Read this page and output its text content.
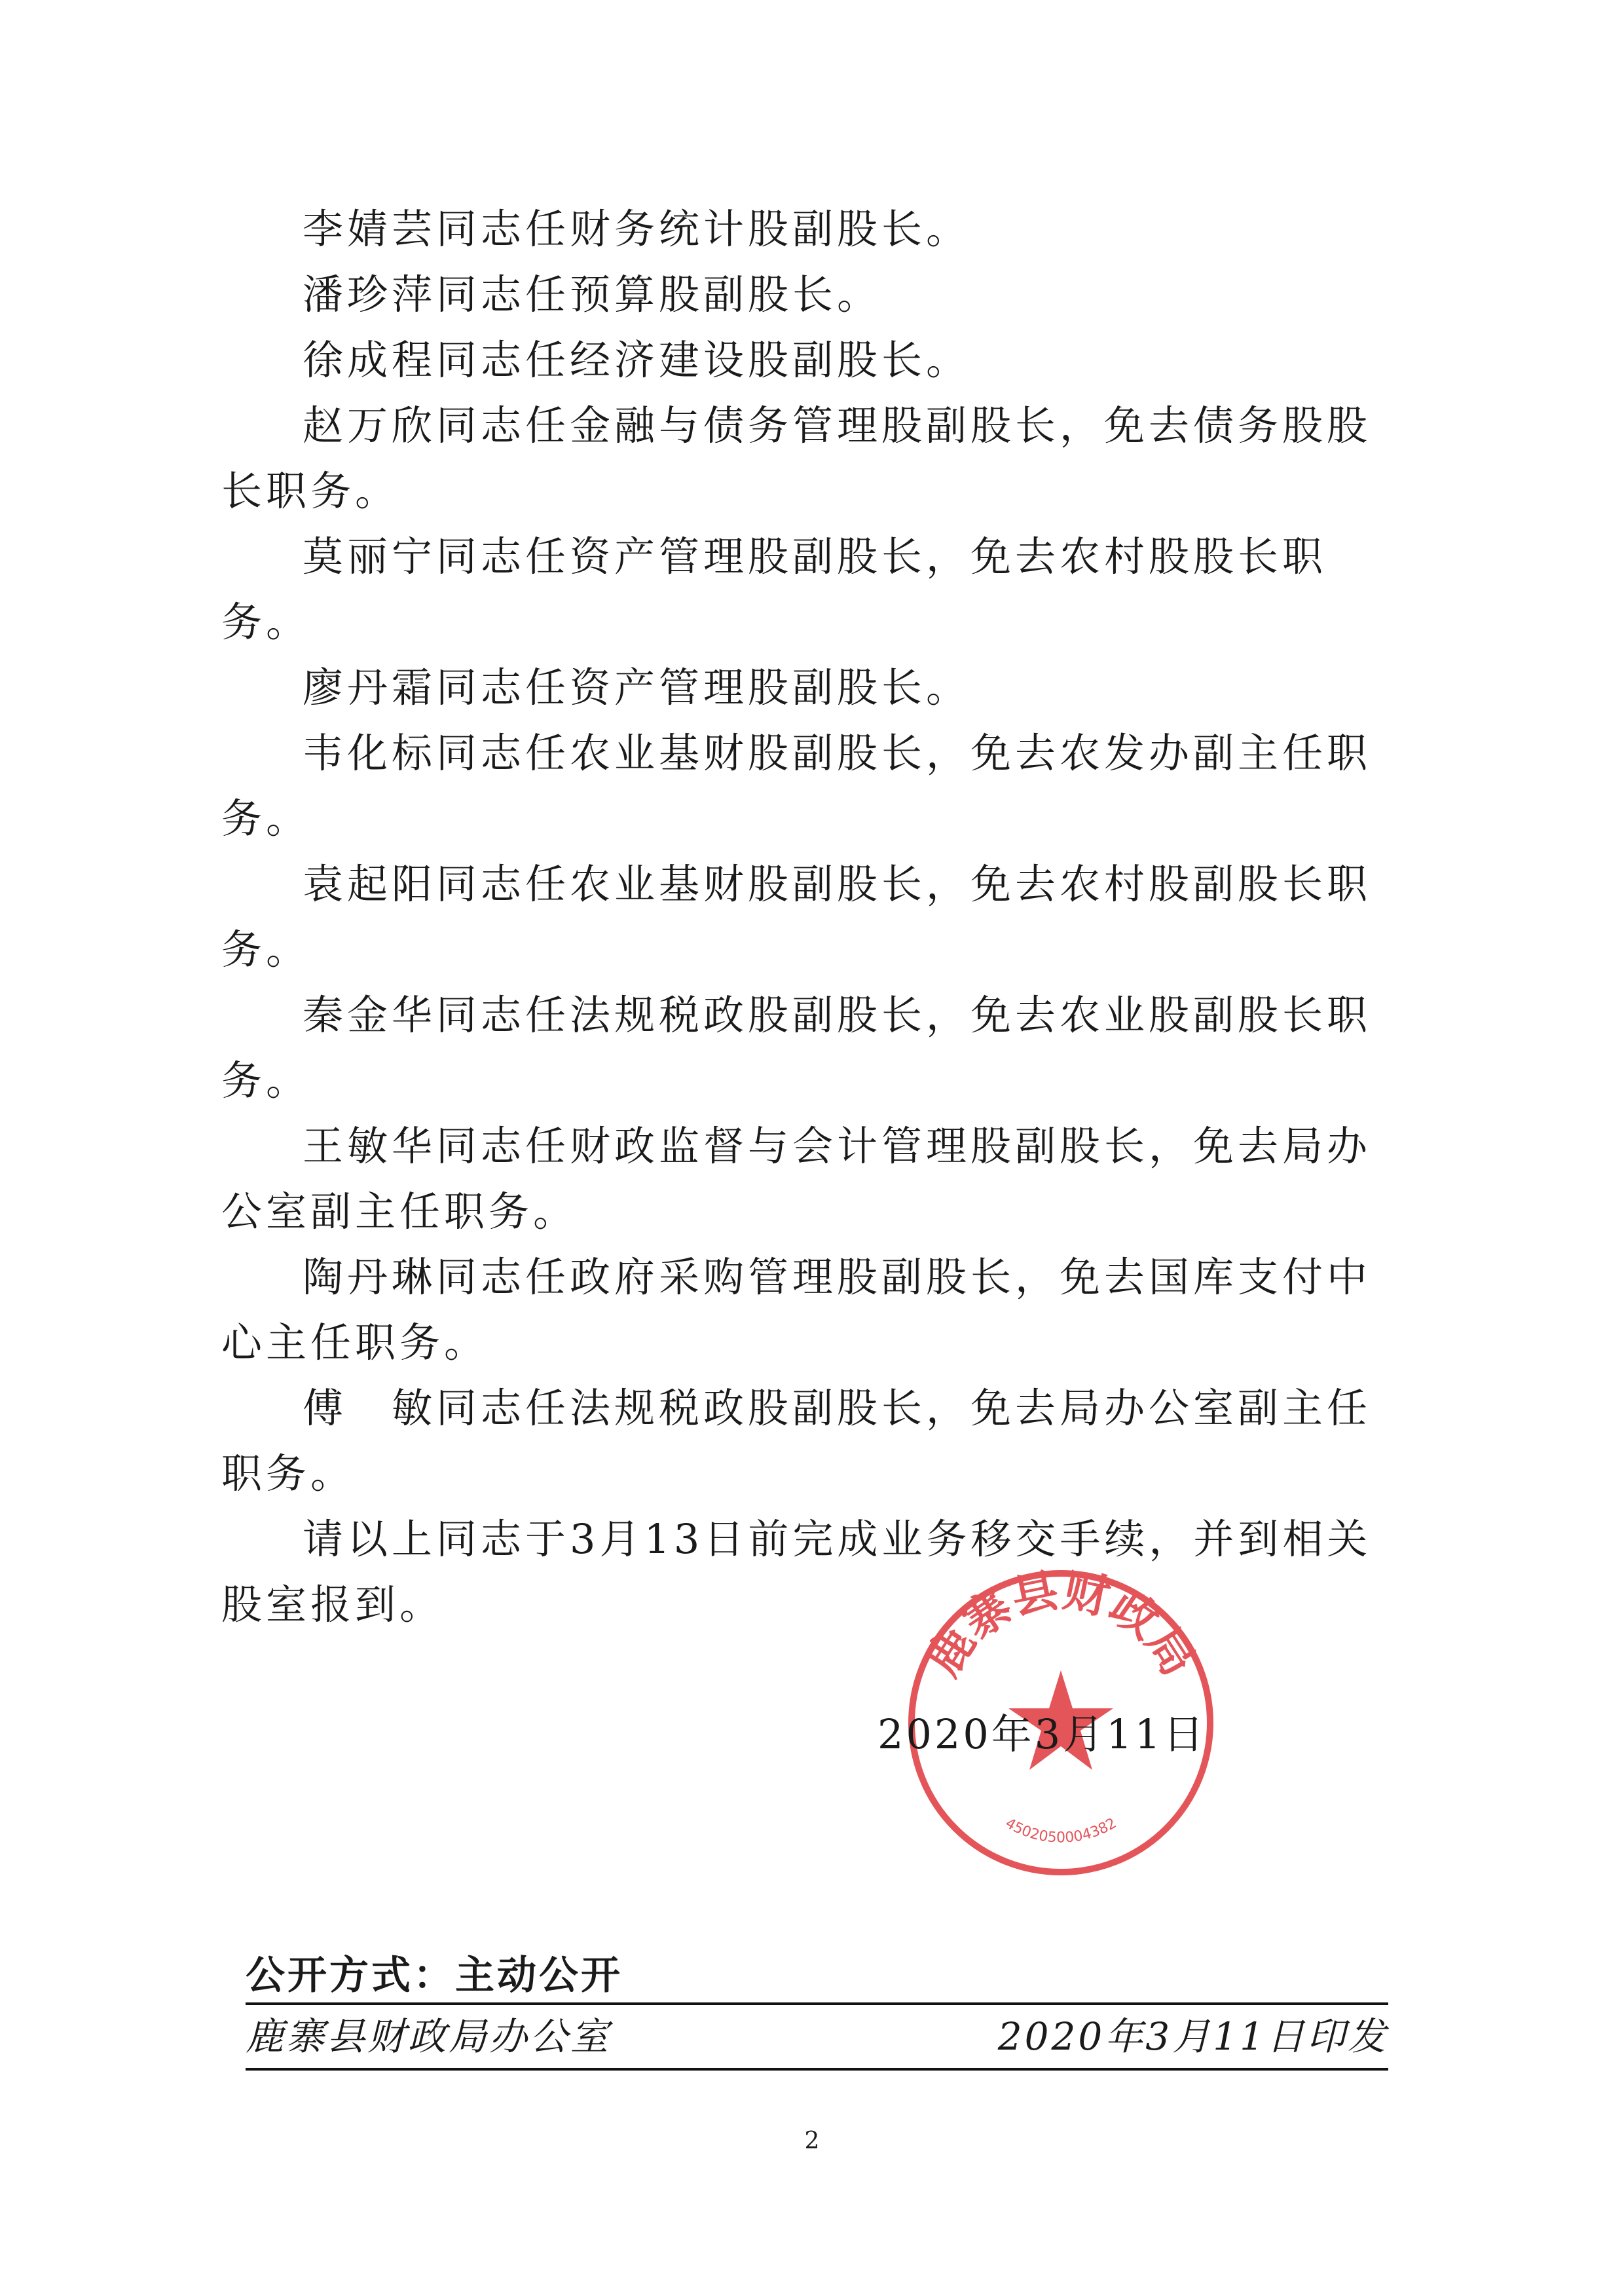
李婧芸同志任财务统计股副股长。

潘珍萍同志任预算股副股长。

徐成程同志任经济建设股副股长。

赵万欣同志任金融与债务管理股副股长，免去债务股股长职务。

莫丽宁同志任资产管理股副股长，免去农村股股长职务。

廖丹霜同志任资产管理股副股长。

韦化标同志任农业基财股副股长，免去农发办副主任职务。

袁起阳同志任农业基财股副股长，免去农村股副股长职务。

秦金华同志任法规税政股副股长，免去农业股副股长职务。

王敏华同志任财政监督与会计管理股副股长，免去局办公室副主任职务。

陶丹琳同志任政府采购管理股副股长，免去国库支付中心主任职务。

傅　敏同志任法规税政股副股长，免去局办公室副主任职务。

请以上同志于3月13日前完成业务移交手续，并到相关股室报到。

鹿寨县财政局
4502050004382
2020年3月11日
公开方式：主动公开
鹿寨县财政局办公室	2020年3月11日印发
2
